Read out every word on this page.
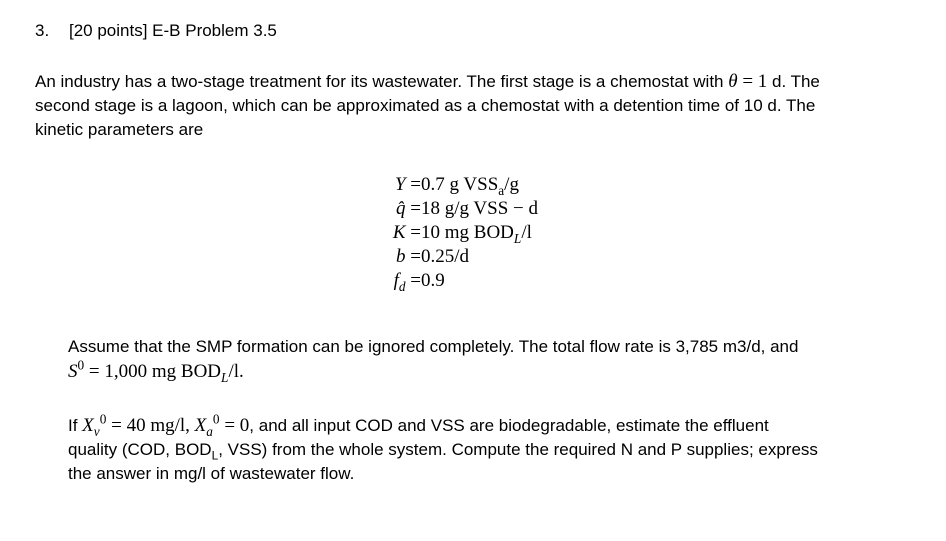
3. [20 points] E-B Problem 3.5
An industry has a two-stage treatment for its wastewater. The first stage is a chemostat with θ = 1 d. The
second stage is a lagoon, which can be approximated as a chemostat with a detention time of 10 d. The
kinetic parameters are
Y =0.7 g $VSS_a/g$
q̂ =18 g/g VSS − d
K =10 mg $BOD_L/l$
b =0.25/d
$f_d =0.9$
Assume that the SMP formation can be ignored completely. The total flow rate is 3,785 m3/d, and
$S^0 = 1,000$ mg $BOD_L/l$.
If $X_v^0 = 40$ mg/l, $X_a^0 = 0$, and all input COD and VSS are biodegradable, estimate the effluent
quality (COD, $BOD_L$, VSS) from the whole system. Compute the required N and P supplies; express
the answer in mg/l of wastewater flow.
